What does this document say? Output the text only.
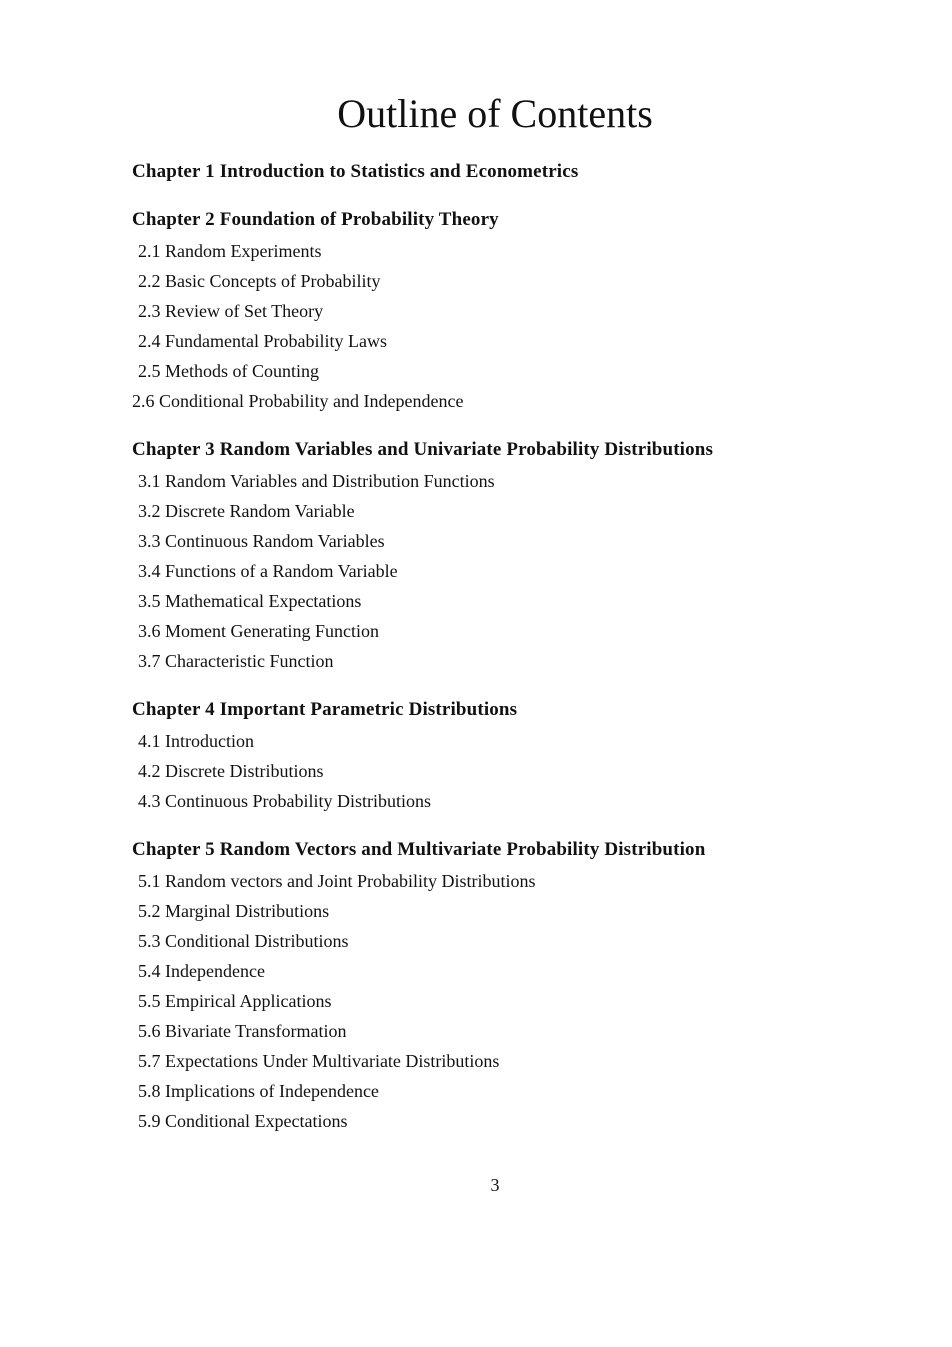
Outline of Contents
Chapter 1 Introduction to Statistics and Econometrics
Chapter 2 Foundation of Probability Theory
2.1 Random Experiments
2.2 Basic Concepts of Probability
2.3 Review of Set Theory
2.4 Fundamental Probability Laws
2.5 Methods of Counting
2.6 Conditional Probability and Independence
Chapter 3 Random Variables and Univariate Probability Distributions
3.1 Random Variables and Distribution Functions
3.2 Discrete Random Variable
3.3 Continuous Random Variables
3.4 Functions of a Random Variable
3.5 Mathematical Expectations
3.6 Moment Generating Function
3.7 Characteristic Function
Chapter 4 Important Parametric Distributions
4.1 Introduction
4.2 Discrete Distributions
4.3 Continuous Probability Distributions
Chapter 5 Random Vectors and Multivariate Probability Distribution
5.1 Random vectors and Joint Probability Distributions
5.2 Marginal Distributions
5.3 Conditional Distributions
5.4 Independence
5.5 Empirical Applications
5.6 Bivariate Transformation
5.7 Expectations Under Multivariate Distributions
5.8 Implications of Independence
5.9 Conditional Expectations
3
